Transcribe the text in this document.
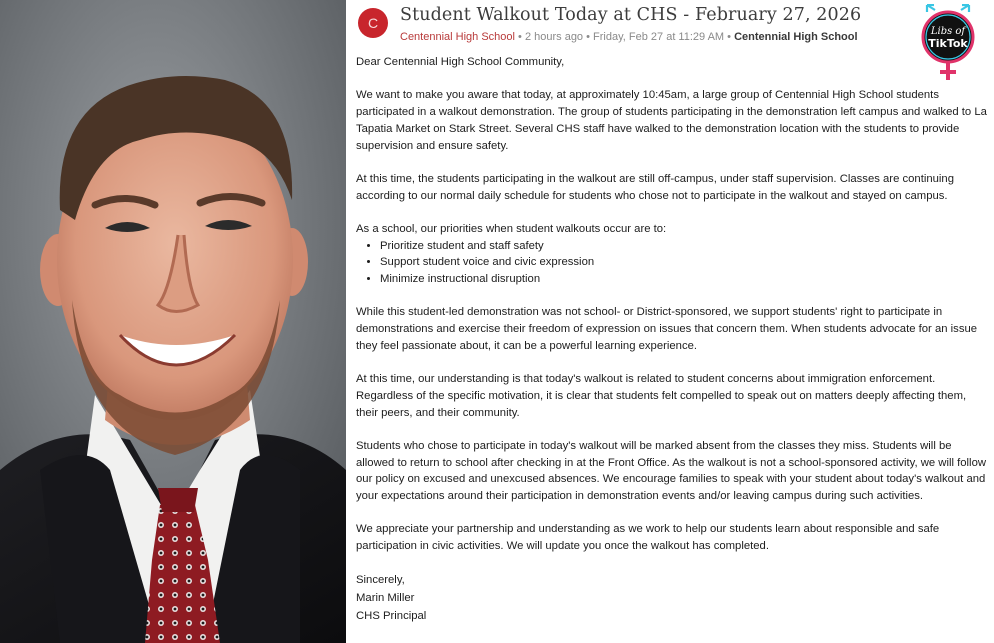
C	Student Walkout Today at CHS - February 27, 2026
Centennial High School • 2 hours ago • Friday, Feb 27 at 11:29 AM • Centennial High School	Libs of
TikTok

Dear Centennial High School Community,

We want to make you aware that today, at approximately 10:45am, a large group of Centennial High School students participated in a walkout demonstration. The group of students participating in the demonstration left campus and walked to La Tapatia Market on Stark Street. Several CHS staff have walked to the demonstration location with the students to provide supervision and ensure safety.

At this time, the students participating in the walkout are still off-campus, under staff supervision. Classes are continuing according to our normal daily schedule for students who chose not to participate in the walkout and stayed on campus.

As a school, our priorities when student walkouts occur are to:

• Prioritize student and staff safety
• Support student voice and civic expression
• Minimize instructional disruption

While this student-led demonstration was not school- or District-sponsored, we support students' right to participate in demonstrations and exercise their freedom of expression on issues that concern them. When students advocate for an issue they feel passionate about, it can be a powerful learning experience.

At this time, our understanding is that today's walkout is related to student concerns about immigration enforcement. Regardless of the specific motivation, it is clear that students felt compelled to speak out on matters deeply affecting them, their peers, and their community.

Students who chose to participate in today's walkout will be marked absent from the classes they miss. Students will be allowed to return to school after checking in at the Front Office. As the walkout is not a school-sponsored activity, we will follow our policy on excused and unexcused absences. We encourage families to speak with your student about today's walkout and your expectations around their participation in demonstration events and/or leaving campus during such activities.

We appreciate your partnership and understanding as we work to help our students learn about responsible and safe participation in civic activities. We will update you once the walkout has completed.

Sincerely,
Marin Miller
CHS Principal
